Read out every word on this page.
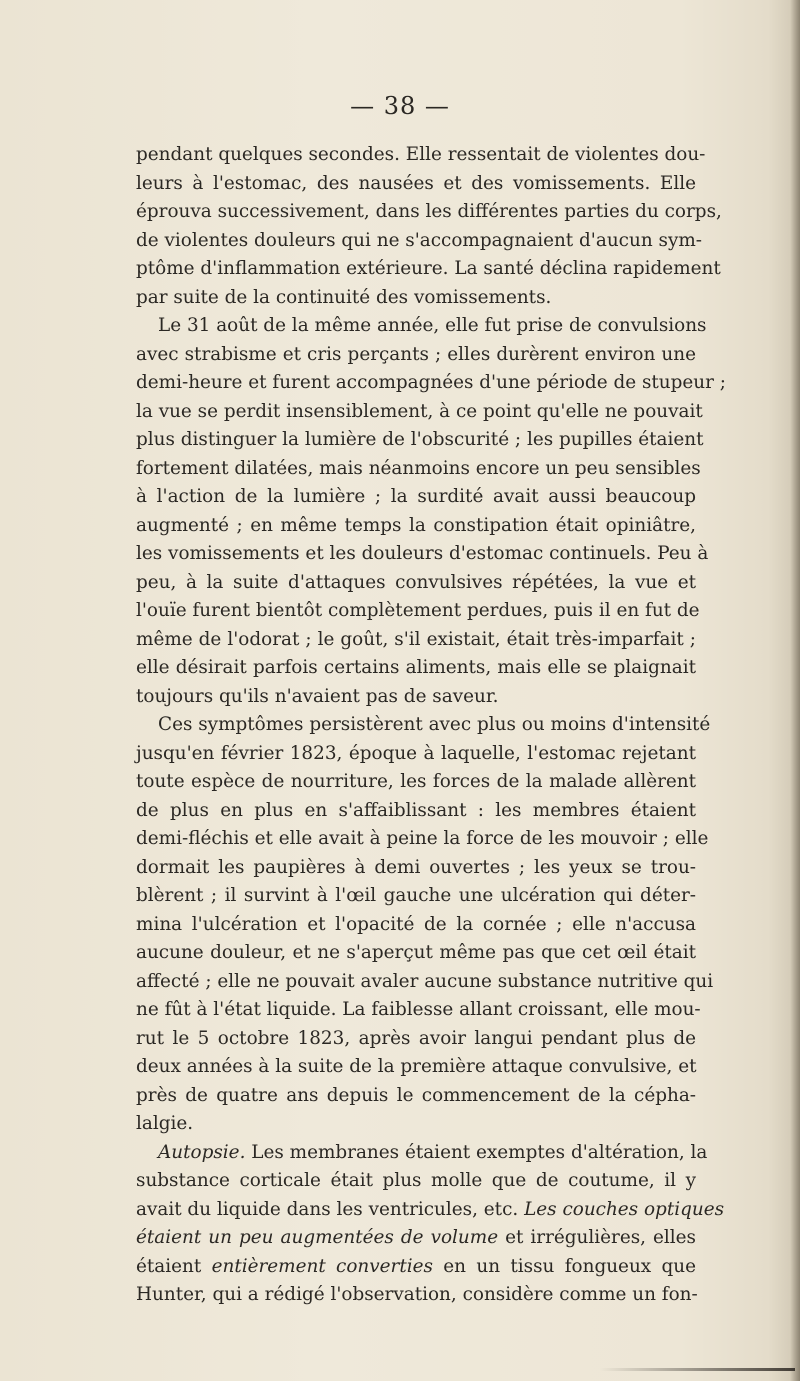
— 38 —
pendant quelques secondes. Elle ressentait de violentes dou-
leurs à l'estomac, des nausées et des vomissements. Elle
éprouva successivement, dans les différentes parties du corps,
de violentes douleurs qui ne s'accompagnaient d'aucun sym-
ptôme d'inflammation extérieure. La santé déclina rapidement
par suite de la continuité des vomissements.
Le 31 août de la même année, elle fut prise de convulsions
avec strabisme et cris perçants ; elles durèrent environ une
demi-heure et furent accompagnées d'une période de stupeur ;
la vue se perdit insensiblement, à ce point qu'elle ne pouvait
plus distinguer la lumière de l'obscurité ; les pupilles étaient
fortement dilatées, mais néanmoins encore un peu sensibles
à l'action de la lumière ; la surdité avait aussi beaucoup
augmenté ; en même temps la constipation était opiniâtre,
les vomissements et les douleurs d'estomac continuels. Peu à
peu, à la suite d'attaques convulsives répétées, la vue et
l'ouïe furent bientôt complètement perdues, puis il en fut de
même de l'odorat ; le goût, s'il existait, était très-imparfait ;
elle désirait parfois certains aliments, mais elle se plaignait
toujours qu'ils n'avaient pas de saveur.
Ces symptômes persistèrent avec plus ou moins d'intensité
jusqu'en février 1823, époque à laquelle, l'estomac rejetant
toute espèce de nourriture, les forces de la malade allèrent
de plus en plus en s'affaiblissant : les membres étaient
demi-fléchis et elle avait à peine la force de les mouvoir ; elle
dormait les paupières à demi ouvertes ; les yeux se trou-
blèrent ; il survint à l'œil gauche une ulcération qui déter-
mina l'ulcération et l'opacité de la cornée ; elle n'accusa
aucune douleur, et ne s'aperçut même pas que cet œil était
affecté ; elle ne pouvait avaler aucune substance nutritive qui
ne fût à l'état liquide. La faiblesse allant croissant, elle mou-
rut le 5 octobre 1823, après avoir langui pendant plus de
deux années à la suite de la première attaque convulsive, et
près de quatre ans depuis le commencement de la cépha-
lalgie.
Autopsie. Les membranes étaient exemptes d'altération, la
substance corticale était plus molle que de coutume, il y
avait du liquide dans les ventricules, etc. Les couches optiques
étaient un peu augmentées de volume et irrégulières, elles
étaient entièrement converties en un tissu fongueux que
Hunter, qui a rédigé l'observation, considère comme un fon-
